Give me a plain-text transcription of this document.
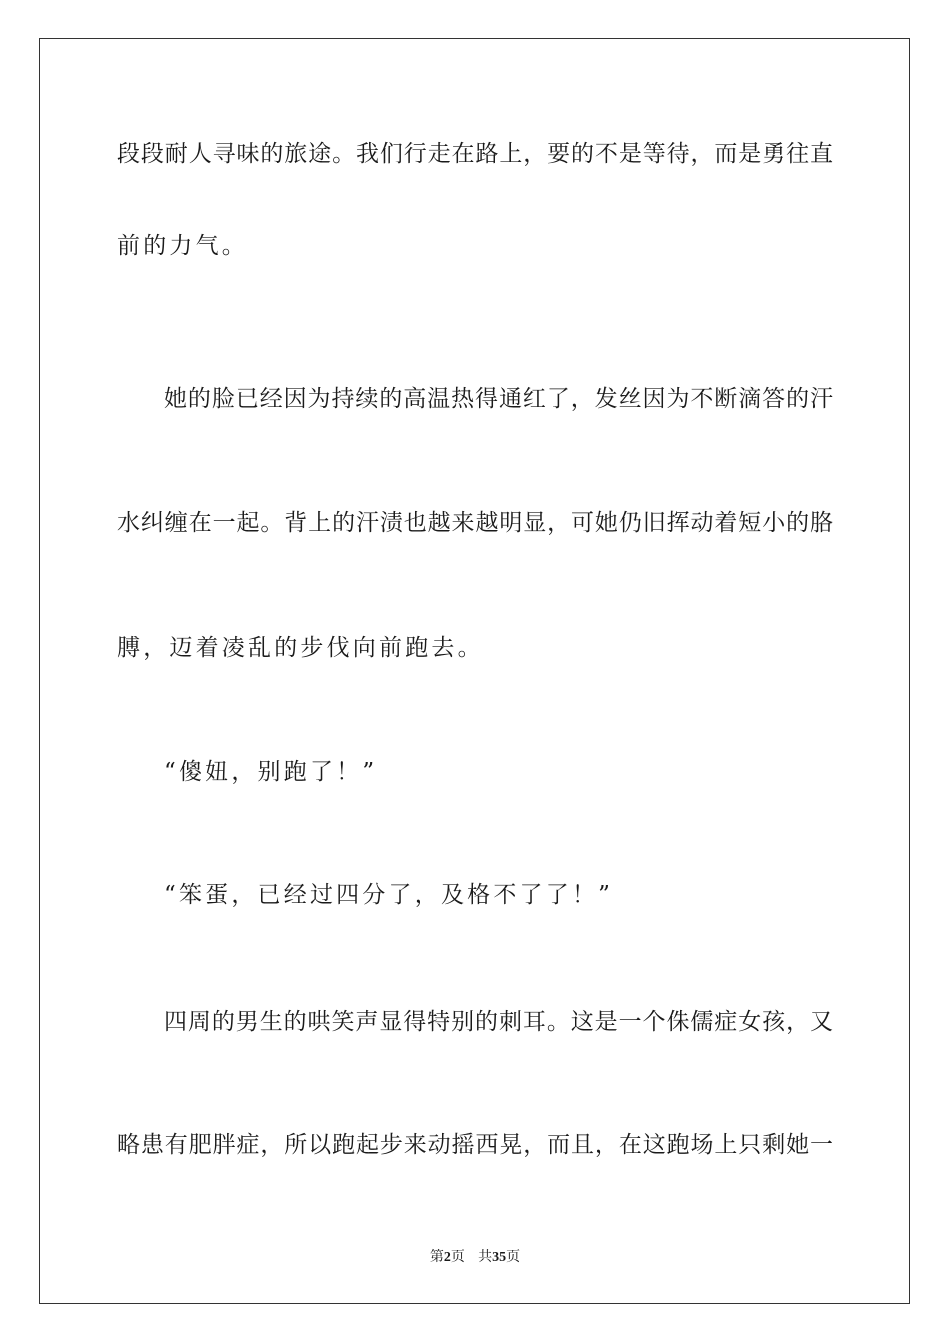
段段耐人寻味的旅途。我们行走在路上，要的不是等待，而是勇往直
前的力气。
她的脸已经因为持续的高温热得通红了，发丝因为不断滴答的汗
水纠缠在一起。背上的汗渍也越来越明显，可她仍旧挥动着短小的胳
膊，迈着凌乱的步伐向前跑去。
“傻妞，别跑了！”
“笨蛋，已经过四分了，及格不了了！”
四周的男生的哄笑声显得特别的刺耳。这是一个侏儒症女孩，又
略患有肥胖症，所以跑起步来动摇西晃，而且，在这跑场上只剩她一
第2页   共35页
